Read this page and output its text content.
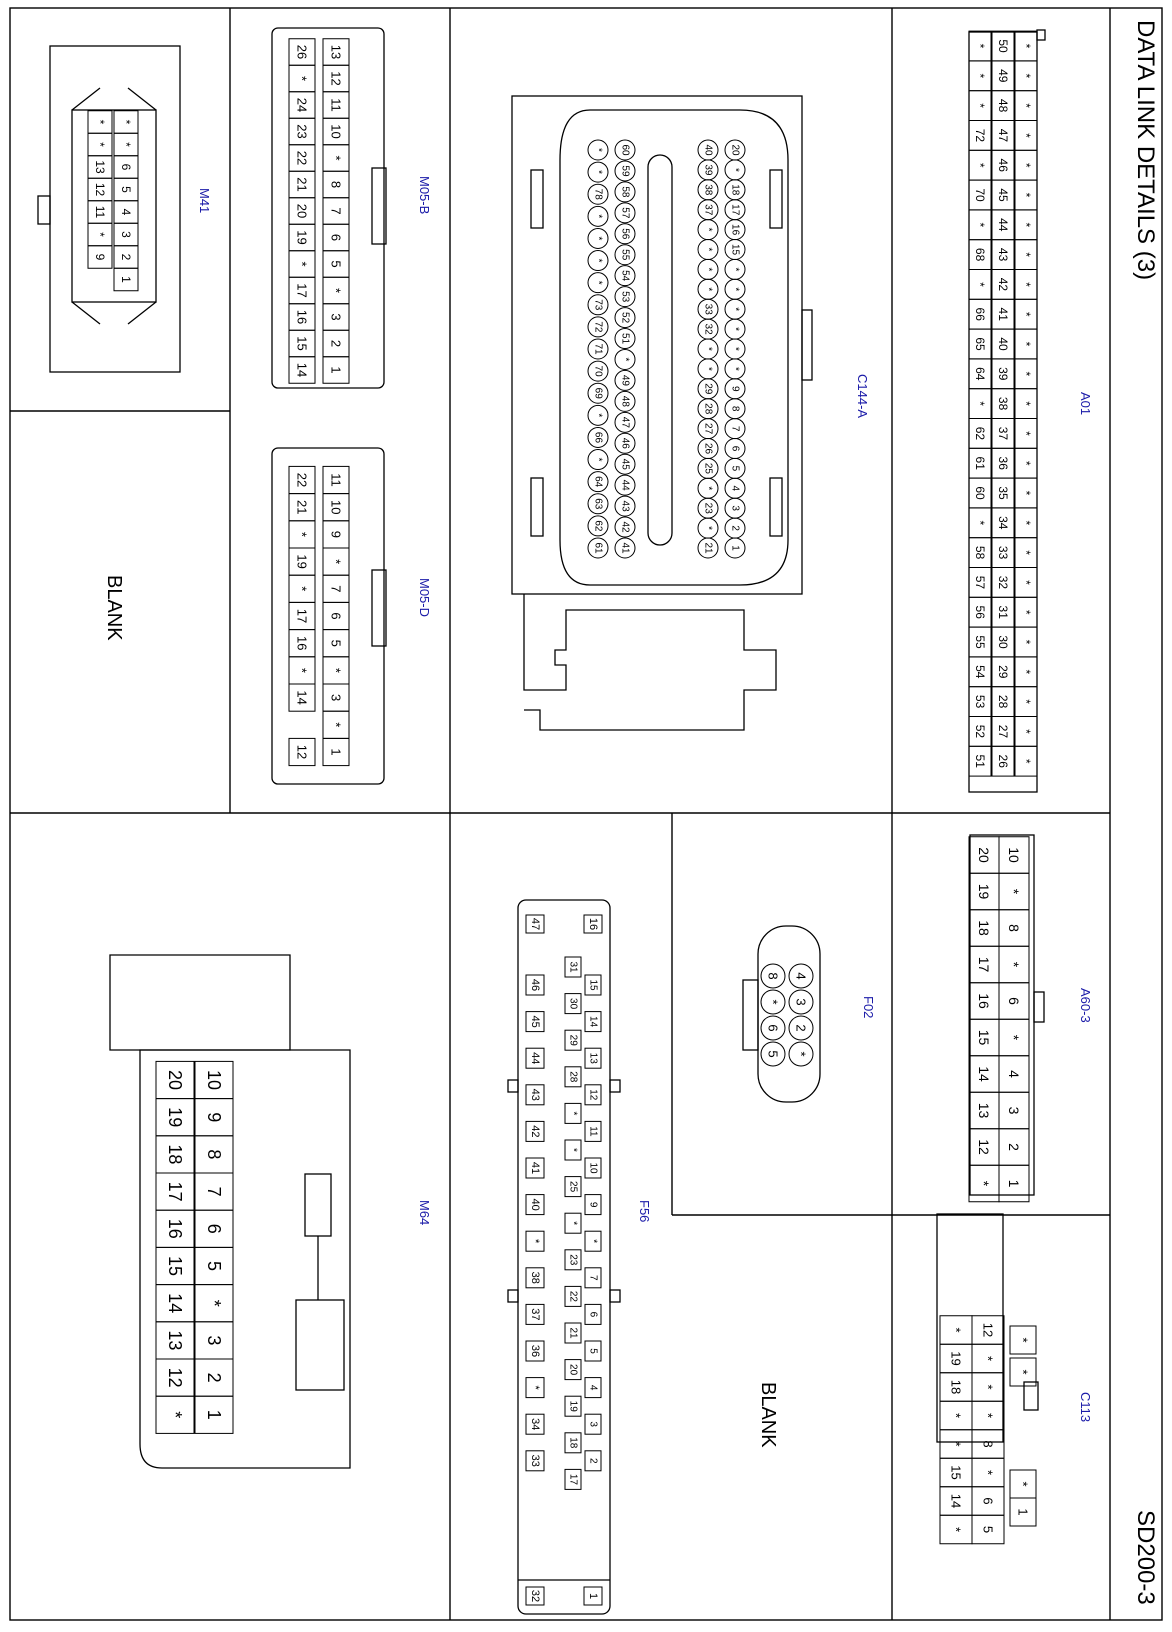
DATA LINK DETAILS (3)
SD200-3
BLANK
BLANK
A01
C144-A
M41	M05-B
M05-D
A60-3
F02
C113
F56
M64
*
*
*
*
*
*
*
*
*
*
*
*
*
*
*
*
*
*
*
*
*
*
*
*
*
50
49
48
47
46
45
44
43
42
41
40
39
38
37
36
35
34
33
32
31
30
29
28
27
26
*
*
*
72
*
70
*
68
*
66
65
64
*
62
61
60
*
58
57
56
55
54
53
52
51
20
*
18
17
16
15
*
*
*
*
*
*
9
8
7
6
5
4
3
2
1
40
39
38
37
*
*
*
*
33
32
*
*
29
28
27
26
25
*
23
*
21
60
59
58
57
56
55
54
53
52
51
*
49
48
47
46
45
44
43
42
41
*
*
78
*
*
*
*
73
72
71
70
69
*
66
*
64
63
62
61
*
*
6
5
4
3
2
1
*
*
13
12
11
*
9
13
12
11
10
*
8
7
6
5
*
3
2
1
26
*
24
23
22
21
20
19
*
17
16
15
14
11
10
9
*
7
6
5
*
3
*
1
22
21
*
19
*
17
16
*
14
12
10
*
8
*
6
*
4
3
2
1
20
19
18
17
16
15
14
13
12
*
4
3
2
*
8
*
6
5
*
*
*
1
12
*
*
*
8
*
6
5
*
19
18
*
*
15
14
*
16
1
47
32
15
14
13
12
11
10
9
*
7
6
5
4
3
2
31
30
29
28
*
*
25
*
23
22
21
20
19
18
17
46
45
44
43
42
41
40
*
38
37
36
*
34
33
10
9
8
7
6
5
*
3
2
1
20
19
18
17
16
15
14
13
12
*
